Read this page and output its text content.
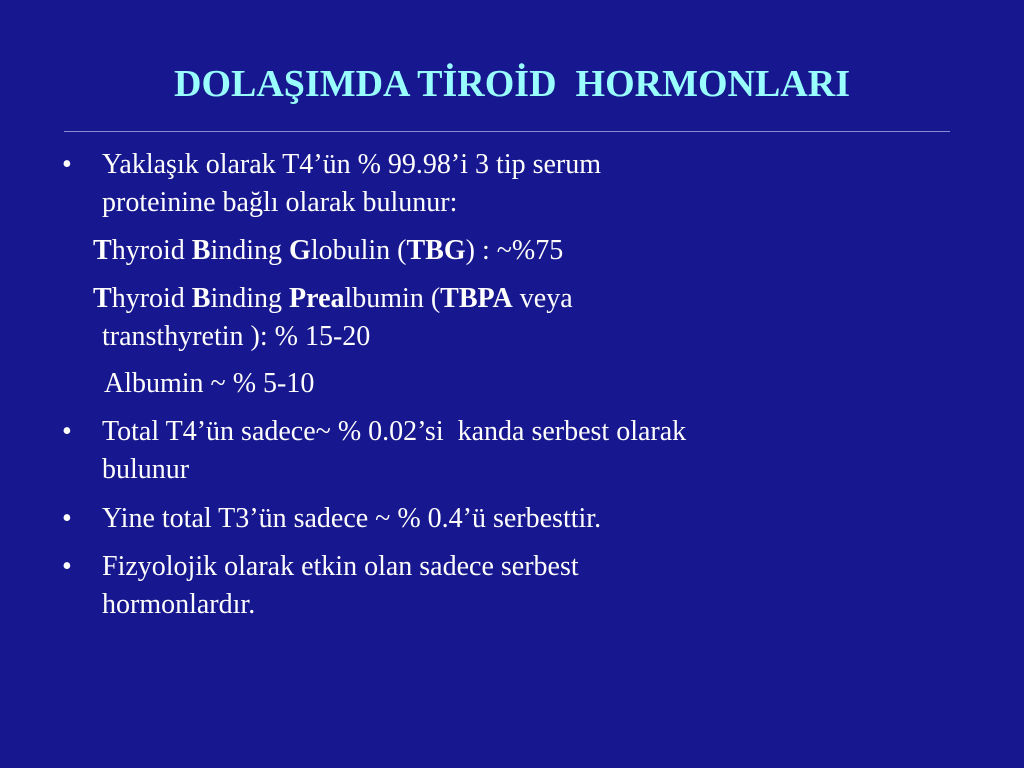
DOLAŞIMDA TİROİD  HORMONLARI
• Yaklaşık olarak T4’ün % 99.98’i 3 tip serum
proteinine bağlı olarak bulunur:
Thyroid Binding Globulin (TBG) : ~%75
Thyroid Binding Prealbumin (TBPA veya
transthyretin ): % 15-20
Albumin ~ % 5-10
• Total T4’ün sadece~ % 0.02’si  kanda serbest olarak
bulunur
• Yine total T3’ün sadece ~ % 0.4’ü serbesttir.
• Fizyolojik olarak etkin olan sadece serbest
hormonlardır.
